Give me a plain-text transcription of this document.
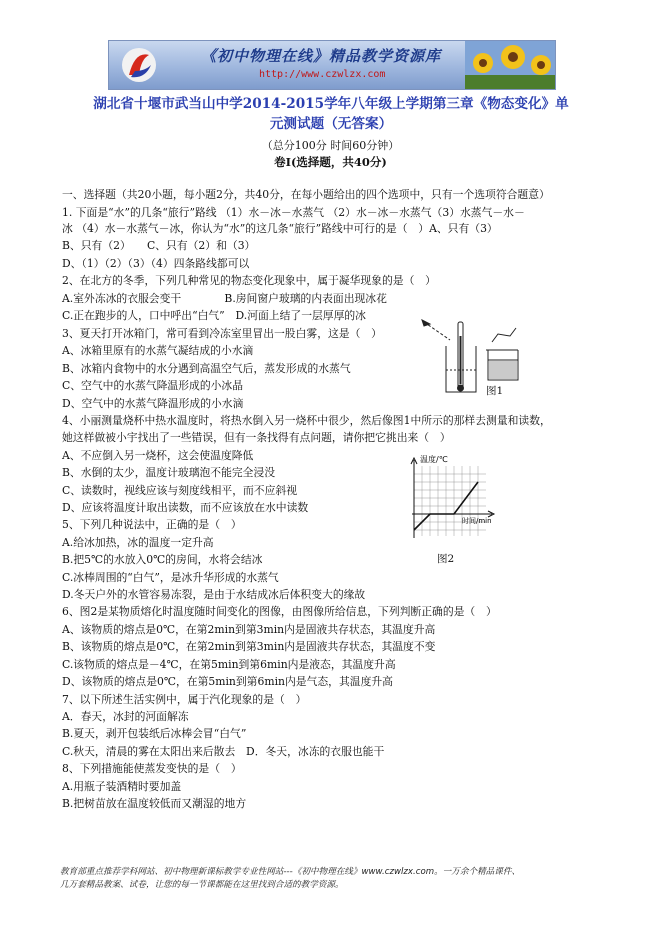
《初中物理在线》精品教学资源库
http://www.czwlzx.com
湖北省十堰市武当山中学2014-2015学年八年级上学期第三章《物态变化》单
元测试题（无答案）
（总分100分 时间60分钟）
卷Ⅰ(选择题，共40分)
一、选择题（共20小题，每小题2分，共40分，在每小题给出的四个选项中，只有一个选项符合题意）
1. 下面是“水”的几条“旅行”路线 （1）水－冰－水蒸气 （2）水－冰－水蒸气（3）水蒸气－水－
冰 （4）水－水蒸气－冰，你认为“水”的这几条“旅行”路线中可行的是（　）A、只有（3）
B、只有（2）　　C、只有（2）和（3）
D、（1）（2）（3）（4）四条路线都可以
2、在北方的冬季，下列几种常见的物态变化现象中，属于凝华现象的是（　）
A.室外冻冰的衣服会变干　　　　B.房间窗户玻璃的内表面出现冰花
C.正在跑步的人，口中呼出“白气”　D.河面上结了一层厚厚的冰
3、夏天打开冰箱门，常可看到冷冻室里冒出一股白雾，这是（　）
A、冰箱里原有的水蒸气凝结成的小水滴
B、冰箱内食物中的水分遇到高温空气后，蒸发形成的水蒸气
C、空气中的水蒸气降温形成的小冰晶
D、空气中的水蒸气降温形成的小水滴
4、小丽测量烧杯中热水温度时，将热水倒入另一烧杯中很少，然后像图1中所示的那样去测量和读数，
她这样做被小宇找出了一些错误，但有一条找得有点问题，请你把它挑出来（　）
A、不应倒入另一烧杯，这会使温度降低
B、水倒的太少，温度计玻璃泡不能完全浸没
C、读数时，视线应该与刻度线相平，而不应斜视
D、应该将温度计取出读数，而不应该放在水中读数
5、下列几种说法中，正确的是（　）
A.给冰加热，冰的温度一定升高
B.把5℃的水放入0℃的房间，水将会结冰
C.冰棒周围的“白气”，是冰升华形成的水蒸气
D.冬天户外的水管容易冻裂，是由于水结成冰后体积变大的缘故
6、图2是某物质熔化时温度随时间变化的图像，由图像所给信息，下列判断正确的是（　）
A、该物质的熔点是0℃，在第2min到第3min内是固液共存状态，其温度升高
B、该物质的熔点是0℃，在第2min到第3min内是固液共存状态，其温度不变
C.该物质的熔点是－4℃，在第5min到第6min内是液态，其温度升高
D、该物质的熔点是0℃，在第5min到第6min内是气态，其温度升高
7、以下所述生活实例中，属于汽化现象的是（　）
A．春天，冰封的河面解冻
B.夏天，剥开包装纸后冰棒会冒“白气”
C.秋天，清晨的雾在太阳出来后散去　D．冬天，冰冻的衣服也能干
8、下列措施能使蒸发变快的是（　）
A.用瓶子装酒精时要加盖
B.把树苗放在温度较低而又潮湿的地方
图1
温度/℃
时间/min
图2
教育部重点推荐学科网站、初中物理新课标教学专业性网站---《初中物理在线》www.czwlzx.com。一万余个精品课件、
几万套精品教案、试卷，让您的每一节课都能在这里找到合适的教学资源。
